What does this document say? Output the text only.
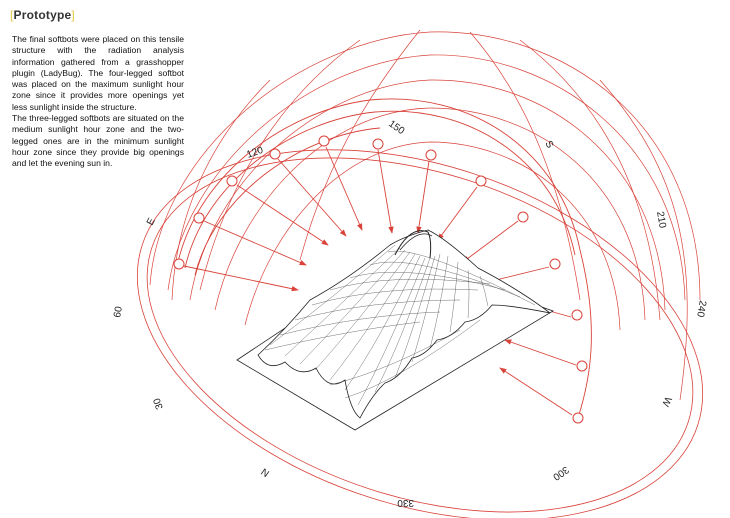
[Prototype]

The final softbots were placed on this tensile structure with the radiation analysis information gathered from a grasshopper plugin (LadyBug). The four-legged softbot was placed on the maximum sunlight hour zone since it provides more openings yet less sunlight inside the structure.

The three-legged softbots are situated on the medium sunlight hour zone and the two-legged ones are in the minimum sunlight hour zone since they provide big openings and let the evening sun in.

E
60
30
N
330
300
W
240
210
S
150
120
